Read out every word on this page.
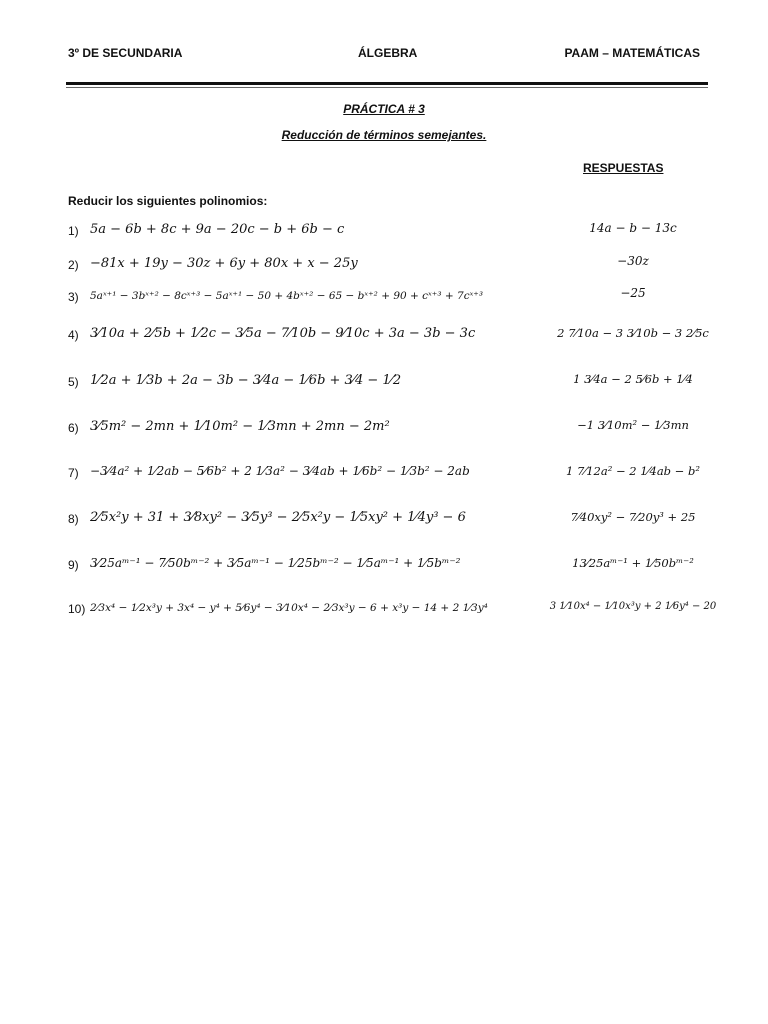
3º DE SECUNDARIA	ÁLGEBRA	PAAM – MATEMÁTICAS
PRÁCTICA # 3
Reducción de términos semejantes.
RESPUESTAS
Reducir los siguientes polinomios:
1) 5a − 6b + 8c + 9a − 20c − b + 6b − c	14a − b − 13c
2) −81x + 19y − 30z + 6y + 80x + x − 25y	−30z
3) 5aˣ⁺¹ − 3bˣ⁺² − 8cˣ⁺³ − 5aˣ⁺¹ − 50 + 4bˣ⁺² − 65 − bˣ⁺² + 90 + cˣ⁺³ + 7cˣ⁺³	−25
4) 3⁄10a + 2⁄5b + 1⁄2c − 3⁄5a − 7⁄10b − 9⁄10c + 3a − 3b − 3c	2 7⁄10a − 3 3⁄10b − 3 2⁄5c
5) 1⁄2a + 1⁄3b + 2a − 3b − 3⁄4a − 1⁄6b + 3⁄4 − 1⁄2	1 3⁄4a − 2 5⁄6b + 1⁄4
6) 3⁄5m² − 2mn + 1⁄10m² − 1⁄3mn + 2mn − 2m²	−1 3⁄10m² − 1⁄3mn
7) −3⁄4a² + 1⁄2ab − 5⁄6b² + 2 1⁄3a² − 3⁄4ab + 1⁄6b² − 1⁄3b² − 2ab	1 7⁄12a² − 2 1⁄4ab − b²
8) 2⁄5x²y + 31 + 3⁄8xy² − 3⁄5y³ − 2⁄5x²y − 1⁄5xy² + 1⁄4y³ − 6	7⁄40xy² − 7⁄20y³ + 25
9) 3⁄25aᵐ⁻¹ − 7⁄50bᵐ⁻² + 3⁄5aᵐ⁻¹ − 1⁄25bᵐ⁻² − 1⁄5aᵐ⁻¹ + 1⁄5bᵐ⁻²	13⁄25aᵐ⁻¹ + 1⁄50bᵐ⁻²
10) 2⁄3x⁴ − 1⁄2x³y + 3x⁴ − y⁴ + 5⁄6y⁴ − 3⁄10x⁴ − 2⁄3x³y − 6 + x³y − 14 + 2 1⁄3y⁴	3 1⁄10x⁴ − 1⁄10x³y + 2 1⁄6y⁴ − 20
